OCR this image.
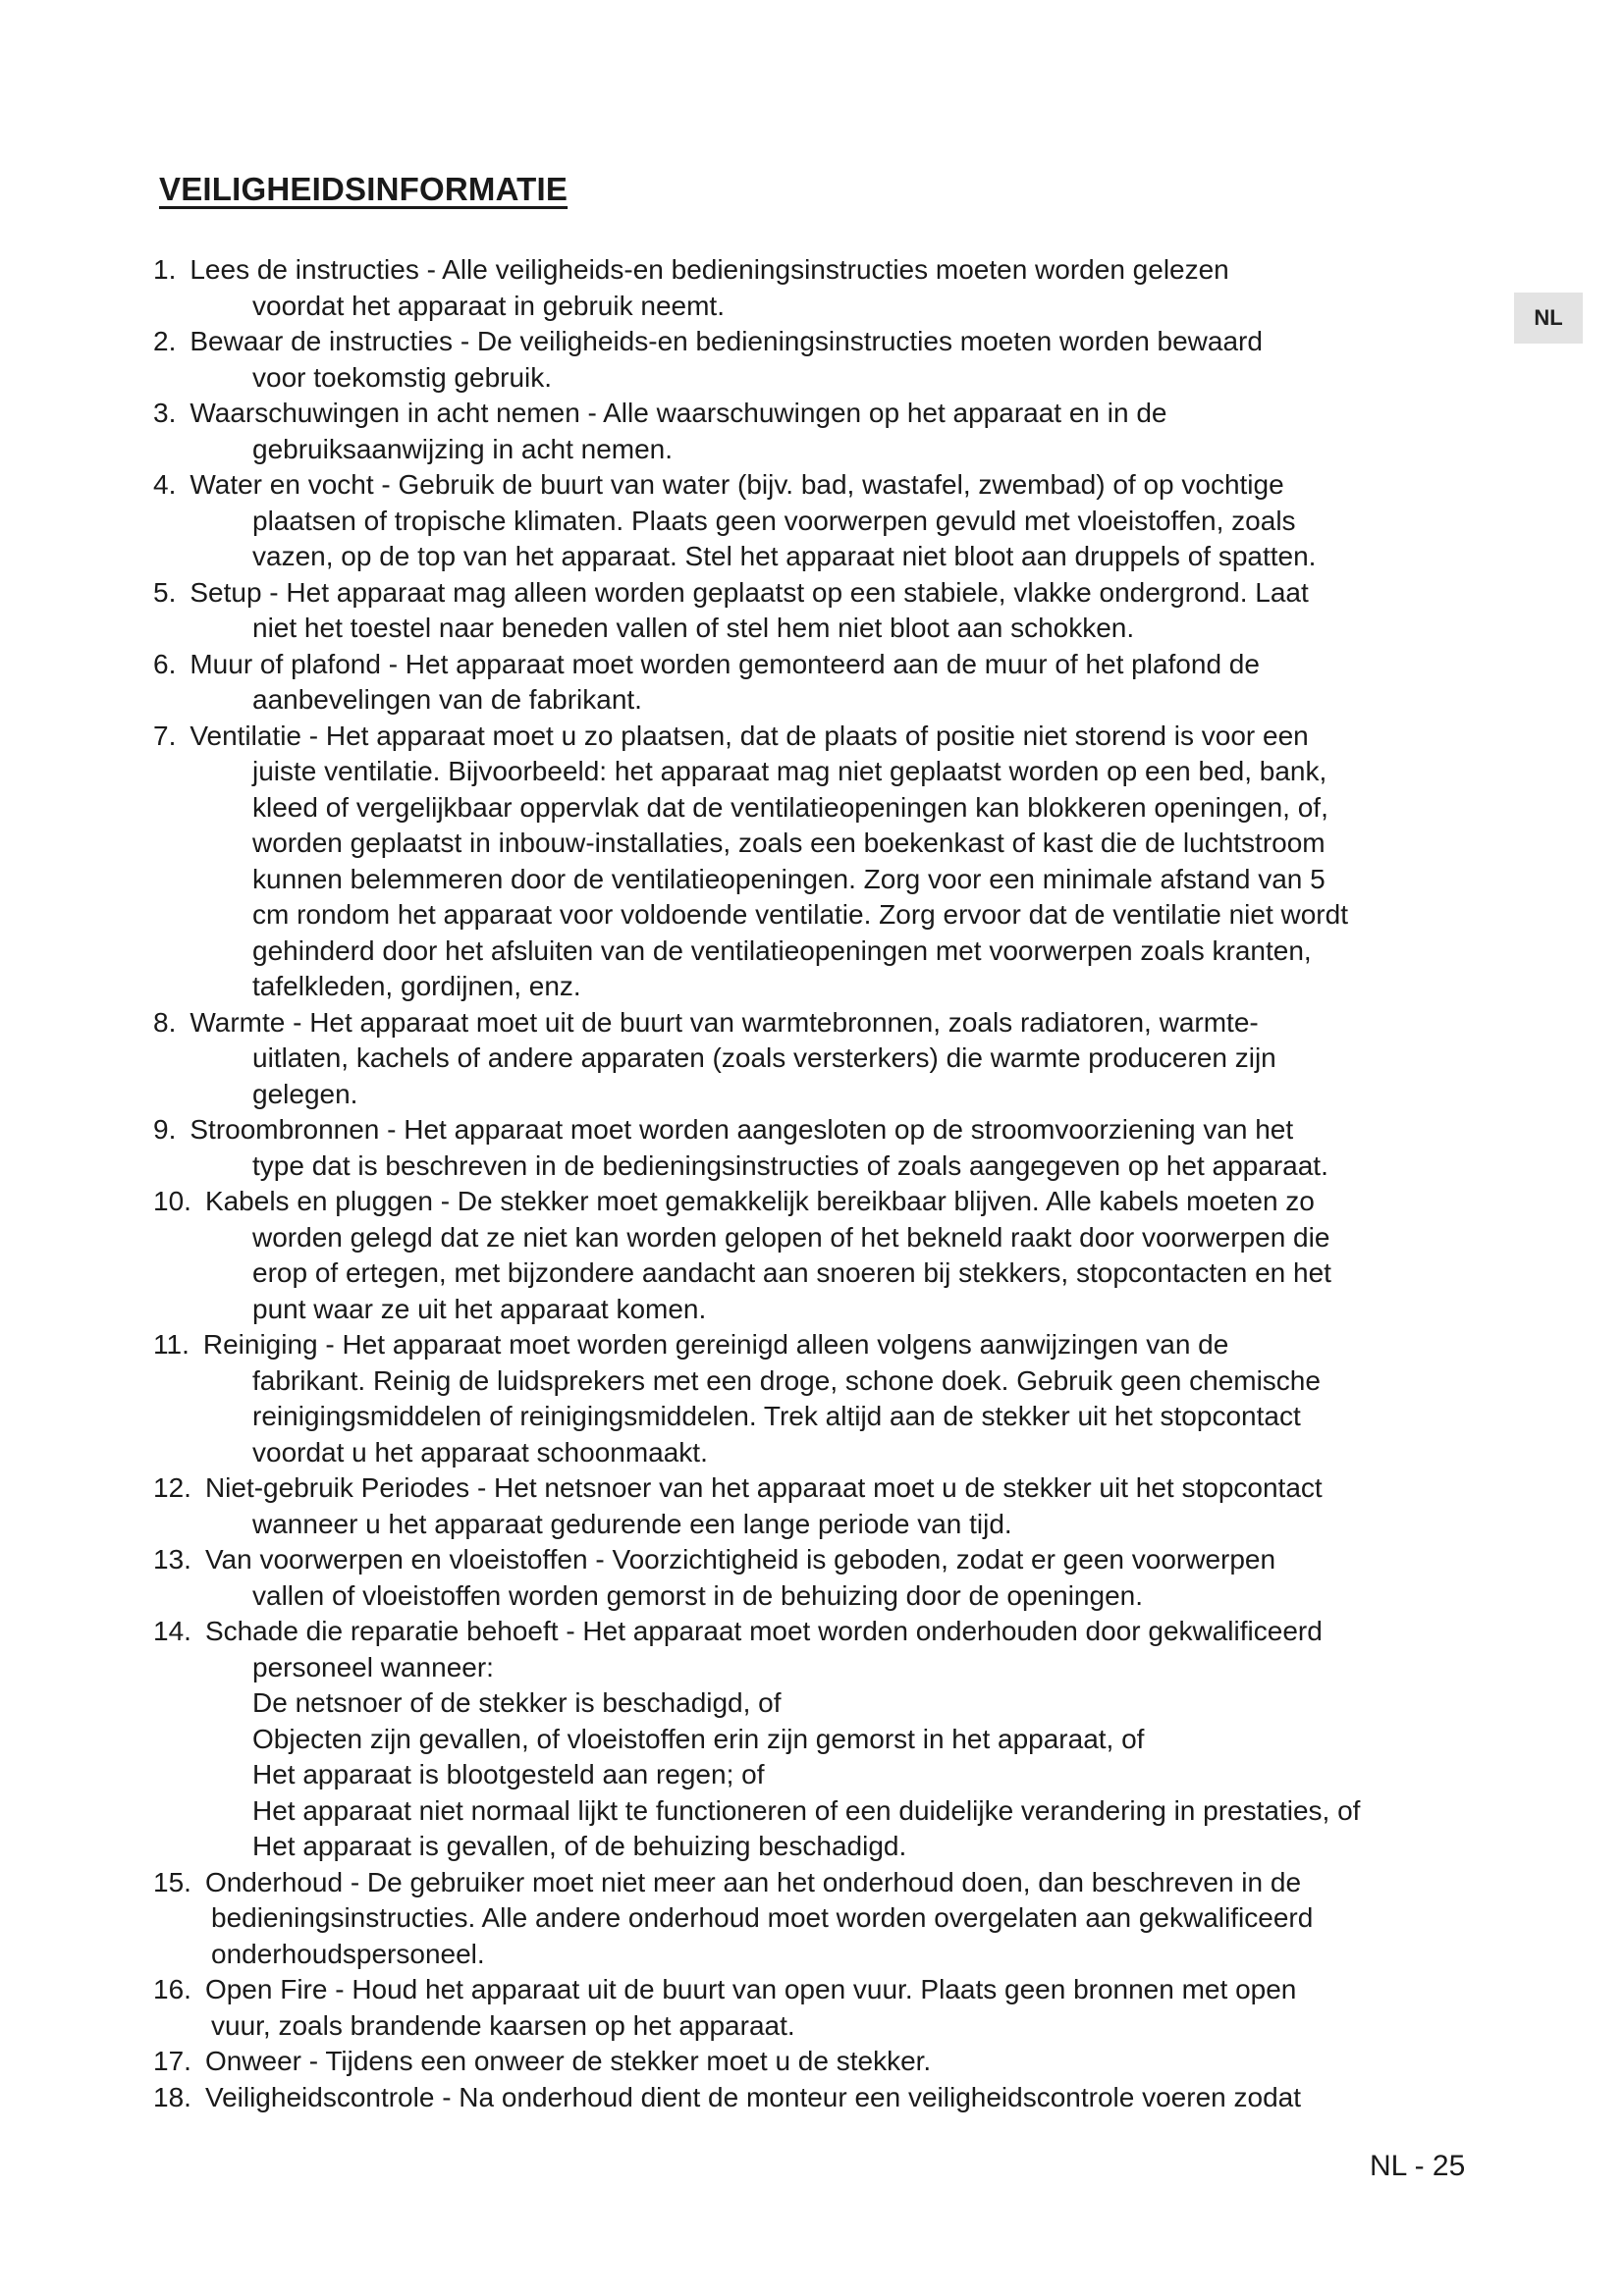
VEILIGHEIDSINFORMATIE
NL
1. Lees de instructies - Alle veiligheids-en bedieningsinstructies moeten worden gelezen
voordat het apparaat in gebruik neemt.
2. Bewaar de instructies - De veiligheids-en bedieningsinstructies moeten worden bewaard
voor toekomstig gebruik.
3. Waarschuwingen in acht nemen - Alle waarschuwingen op het apparaat en in de
gebruiksaanwijzing in acht nemen.
4. Water en vocht - Gebruik de buurt van water (bijv. bad, wastafel, zwembad) of op vochtige
plaatsen of tropische klimaten. Plaats geen voorwerpen gevuld met vloeistoffen, zoals
vazen, op de top van het apparaat. Stel het apparaat niet bloot aan druppels of spatten.
5. Setup - Het apparaat mag alleen worden geplaatst op een stabiele, vlakke ondergrond. Laat
niet het toestel naar beneden vallen of stel hem niet bloot aan schokken.
6. Muur of plafond - Het apparaat moet worden gemonteerd aan de muur of het plafond de
aanbevelingen van de fabrikant.
7. Ventilatie - Het apparaat moet u zo plaatsen, dat de plaats of positie niet storend is voor een
juiste ventilatie. Bijvoorbeeld: het apparaat mag niet geplaatst worden op een bed, bank,
kleed of vergelijkbaar oppervlak dat de ventilatieopeningen kan blokkeren openingen, of,
worden geplaatst in inbouw-installaties, zoals een boekenkast of kast die de luchtstroom
kunnen belemmeren door de ventilatieopeningen. Zorg voor een minimale afstand van 5
cm rondom het apparaat voor voldoende ventilatie. Zorg ervoor dat de ventilatie niet wordt
gehinderd door het afsluiten van de ventilatieopeningen met voorwerpen zoals kranten,
tafelkleden, gordijnen, enz.
8. Warmte - Het apparaat moet uit de buurt van warmtebronnen, zoals radiatoren, warmte-
uitlaten, kachels of andere apparaten (zoals versterkers) die warmte produceren zijn
gelegen.
9. Stroombronnen - Het apparaat moet worden aangesloten op de stroomvoorziening van het
type dat is beschreven in de bedieningsinstructies of zoals aangegeven op het apparaat.
10. Kabels en pluggen - De stekker moet gemakkelijk bereikbaar blijven. Alle kabels moeten zo
worden gelegd dat ze niet kan worden gelopen of het bekneld raakt door voorwerpen die
erop of ertegen, met bijzondere aandacht aan snoeren bij stekkers, stopcontacten en het
punt waar ze uit het apparaat komen.
11. Reiniging - Het apparaat moet worden gereinigd alleen volgens aanwijzingen van de
fabrikant. Reinig de luidsprekers met een droge, schone doek. Gebruik geen chemische
reinigingsmiddelen of reinigingsmiddelen. Trek altijd aan de stekker uit het stopcontact
voordat u het apparaat schoonmaakt.
12. Niet-gebruik Periodes - Het netsnoer van het apparaat moet u de stekker uit het stopcontact
wanneer u het apparaat gedurende een lange periode van tijd.
13. Van voorwerpen en vloeistoffen - Voorzichtigheid is geboden, zodat er geen voorwerpen
vallen of vloeistoffen worden gemorst in de behuizing door de openingen.
14. Schade die reparatie behoeft - Het apparaat moet worden onderhouden door gekwalificeerd
personeel wanneer:
De netsnoer of de stekker is beschadigd, of
Objecten zijn gevallen, of vloeistoffen erin zijn gemorst in het apparaat, of
Het apparaat is blootgesteld aan regen; of
Het apparaat niet normaal lijkt te functioneren of een duidelijke verandering in prestaties, of
Het apparaat is gevallen, of de behuizing beschadigd.
15. Onderhoud - De gebruiker moet niet meer aan het onderhoud doen, dan beschreven in de
bedieningsinstructies. Alle andere onderhoud moet worden overgelaten aan gekwalificeerd
onderhoudspersoneel.
16. Open Fire - Houd het apparaat uit de buurt van open vuur. Plaats geen bronnen met open
vuur, zoals brandende kaarsen op het apparaat.
17. Onweer - Tijdens een onweer de stekker moet u de stekker.
18. Veiligheidscontrole - Na onderhoud dient de monteur een veiligheidscontrole voeren zodat
NL - 25
